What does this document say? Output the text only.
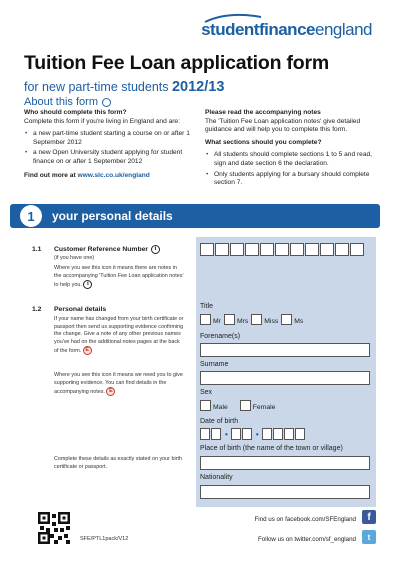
studentfinanceengland
Tuition Fee Loan application form
for new part-time students 2012/13
About this form
Who should complete this form?
Complete this form if you're living in England and are:
• a new part-time student starting a course on or after 1 September 2012
• a new Open University student applying for student finance on or after 1 September 2012
Find out more at www.slc.co.uk/england
Please read the accompanying notes
The 'Tuition Fee Loan application notes' give detailed guidance and will help you to complete this form.
What sections should you complete?
• All students should complete sections 1 to 5 and read, sign and date section 6 the declaration.
• Only students applying for a bursary should complete section 7.
1	your personal details
1.1 Customer Reference Number	i
(if you have one)
Where you see this icon it means there are notes in the accompanying 'Tuition Fee Loan application notes' to help you. i
1.2 Personal details
If your name has changed from your birth certificate or passport then send us supporting evidence confirming the change. Give a note of any other previous names you've had on the additional notes pages at the back of the form. E
Where you see this icon it means we need you to give supporting evidence. You can find details in the accompanying notes. E
Complete these details as exactly stated on your birth certificate or passport.
Title
Mr Mrs Miss Ms
Forename(s)
Surname
Sex
Male	Female
Date of birth
•	•
Place of birth (the name of the town or village)
Nationality
SFE/PTL1pack/V12
Find us on facebook.com/SFEngland	f
Follow us on twitter.com/sf_england	t
